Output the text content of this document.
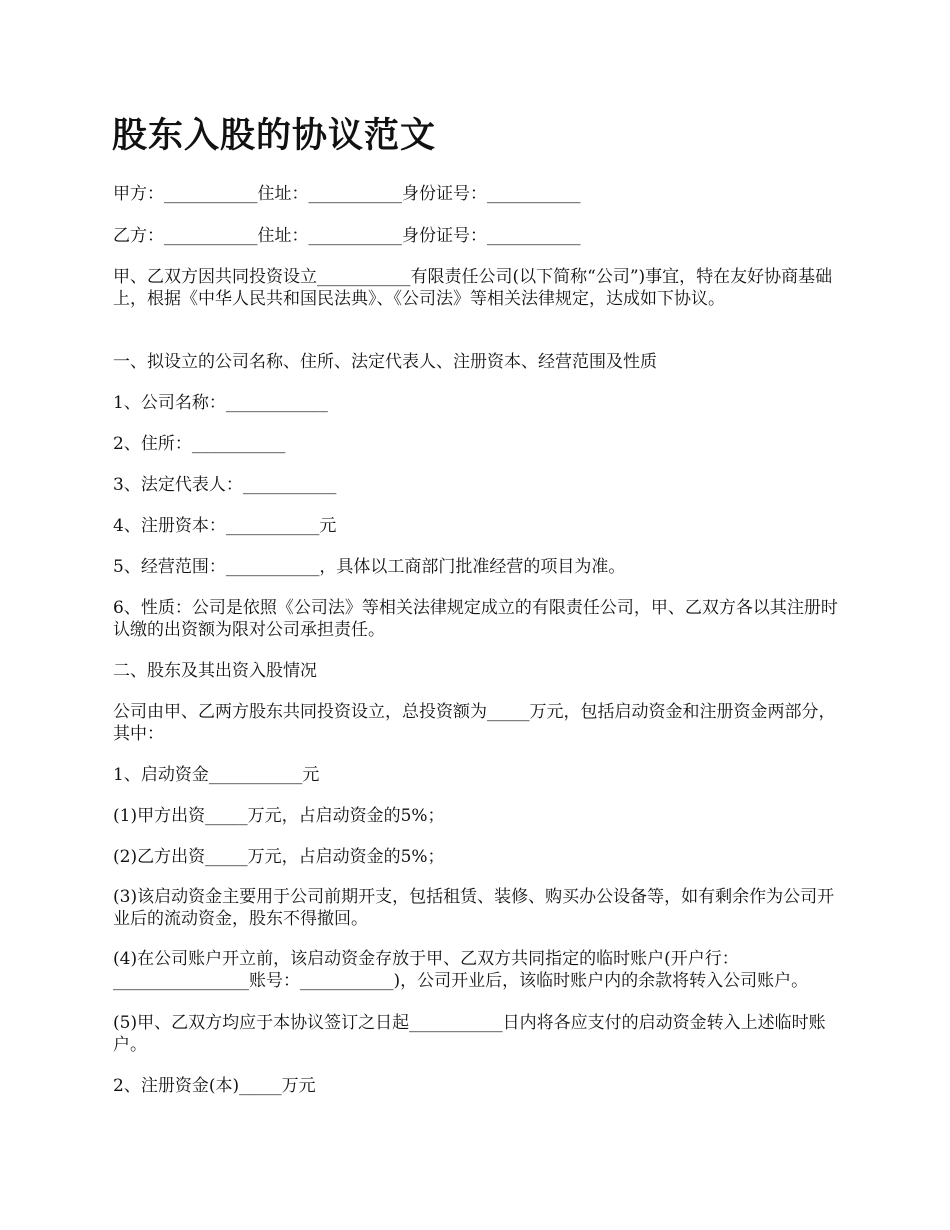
股东入股的协议范文

甲方：___________住址：___________身份证号：___________

乙方：___________住址：___________身份证号：___________

甲、乙双方因共同投资设立___________有限责任公司(以下简称“公司”)事宜，特在友好协商基础上，根据《中华人民共和国民法典》、《公司法》等相关法律规定，达成如下协议。

一、拟设立的公司名称、住所、法定代表人、注册资本、经营范围及性质

1、公司名称：____________

2、住所：___________

3、法定代表人：___________

4、注册资本：___________元

5、经营范围：___________，具体以工商部门批准经营的项目为准。

6、性质：公司是依照《公司法》等相关法律规定成立的有限责任公司，甲、乙双方各以其注册时认缴的出资额为限对公司承担责任。

二、股东及其出资入股情况

公司由甲、乙两方股东共同投资设立，总投资额为_____万元，包括启动资金和注册资金两部分，其中：

1、启动资金___________元

(1)甲方出资_____万元，占启动资金的5%；

(2)乙方出资_____万元，占启动资金的5%；

(3)该启动资金主要用于公司前期开支，包括租赁、装修、购买办公设备等，如有剩余作为公司开业后的流动资金，股东不得撤回。

(4)在公司账户开立前，该启动资金存放于甲、乙双方共同指定的临时账户(开户行：________________账号：___________)，公司开业后，该临时账户内的余款将转入公司账户。

(5)甲、乙双方均应于本协议签订之日起___________日内将各应支付的启动资金转入上述临时账户。

2、注册资金(本)_____万元
